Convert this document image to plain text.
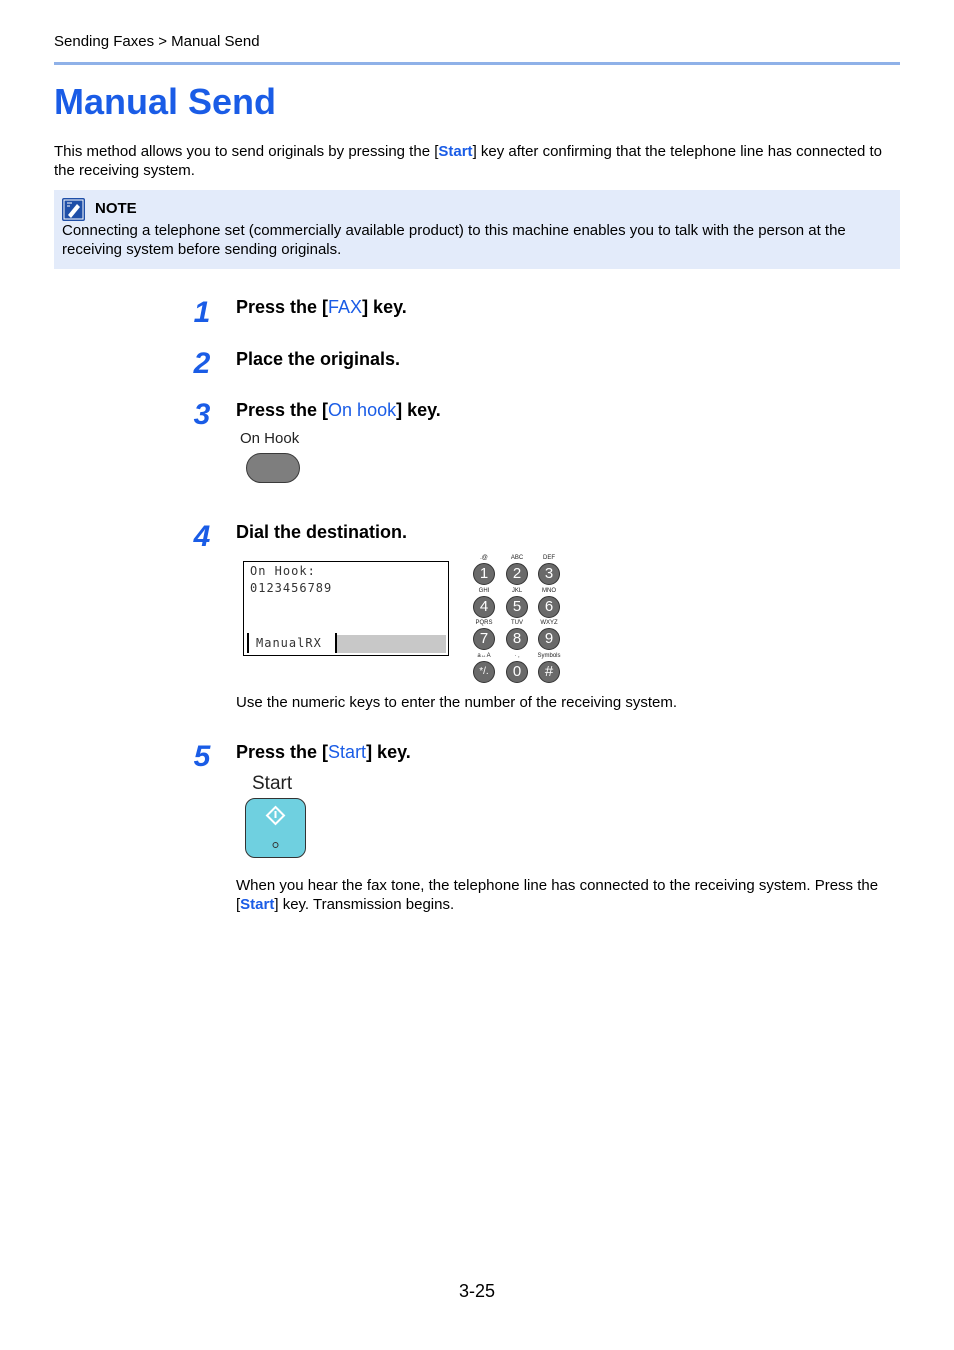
Sending Faxes > Manual Send
Manual Send
This method allows you to send originals by pressing the [Start] key after confirming that the telephone line has connected to the receiving system.
NOTE
Connecting a telephone set (commercially available product) to this machine enables you to talk with the person at the receiving system before sending originals.
1	Press the [FAX] key.
2	Place the originals.
3	Press the [On hook] key.
On Hook
4	Dial the destination.
On Hook:
0123456789
ManualRX
.@	ABC	DEF
1	2	3
GHI	JKL	MNO
4	5	6
PQRS	TUV	WXYZ
7	8	9
a↔A	· ,	Symbols
*/.	0	#
Use the numeric keys to enter the number of the receiving system.
5	Press the [Start] key.
Start
When you hear the fax tone, the telephone line has connected to the receiving system. Press the [Start] key. Transmission begins.
3-25
